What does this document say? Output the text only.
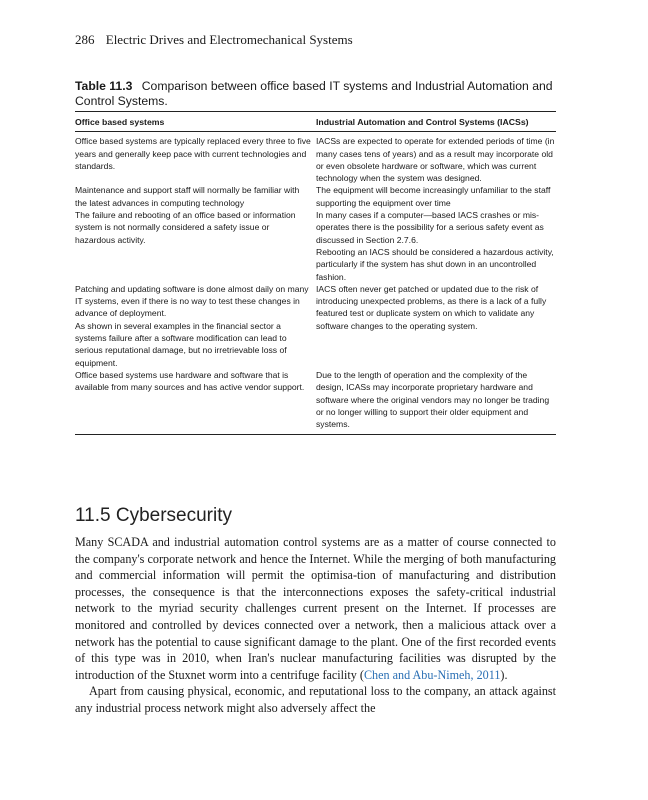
286 Electric Drives and Electromechanical Systems
Table 11.3 Comparison between office based IT systems and Industrial Automation and Control Systems.
Office based systems	Industrial Automation and Control Systems (IACSs)

Office based systems are typically replaced every three to five years and generally keep pace with current technologies and standards.

IACSs are expected to operate for extended periods of time (in many cases tens of years) and as a result may incorporate old or even obsolete hardware or software, which was current technology when the system was designed.

Maintenance and support staff will normally be familiar with the latest advances in computing technology

The equipment will become increasingly unfamiliar to the staff supporting the equipment over time

The failure and rebooting of an office based or information system is not normally considered a safety issue or hazardous activity.

In many cases if a computer—based IACS crashes or mis-operates there is the possibility for a serious safety event as discussed in Section 2.7.6.

Rebooting an IACS should be considered a hazardous activity, particularly if the system has shut down in an uncontrolled fashion.

Patching and updating software is done almost daily on many IT systems, even if there is no way to test these changes in advance of deployment.

As shown in several examples in the financial sector a systems failure after a software modification can lead to serious reputational damage, but no irretrievable loss of equipment.

IACS often never get patched or updated due to the risk of introducing unexpected problems, as there is a lack of a fully featured test or duplicate system on which to validate any software changes to the operating system.

Office based systems use hardware and software that is available from many sources and has active vendor support.

Due to the length of operation and the complexity of the design, ICASs may incorporate proprietary hardware and software where the original vendors may no longer be trading or no longer willing to support their older equipment and systems.

11.5 Cybersecurity

Many SCADA and industrial automation control systems are as a matter of course connected to the company's corporate network and hence the Internet. While the merging of both manufacturing and commercial information will permit the optimisa-tion of manufacturing and distribution processes, the consequence is that the interconnections exposes the safety-critical industrial network to the myriad security challenges current present on the Internet. If processes are monitored and controlled by devices connected over a network, then a malicious attack over a network has the potential to cause significant damage to the plant. One of the first recorded events of this type was in 2010, when Iran's nuclear manufacturing facilities was disrupted by the introduction of the Stuxnet worm into a centrifuge facility (Chen and Abu-Nimeh, 2011).

Apart from causing physical, economic, and reputational loss to the company, an attack against any industrial process network might also adversely affect the
